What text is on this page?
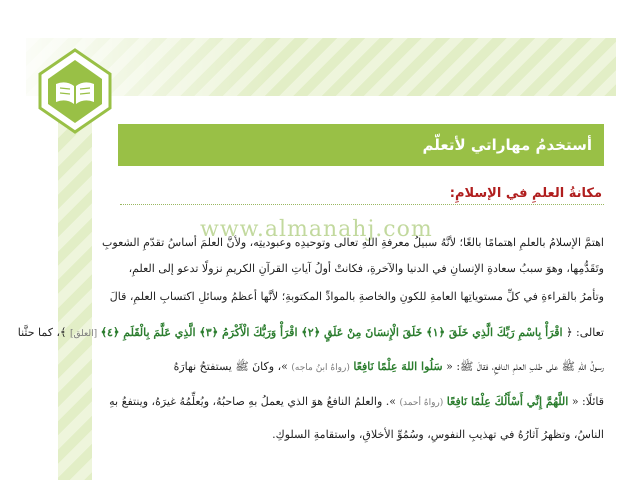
أستخدمُ مهاراتي لأتعلّم
مكانةُ العلمِ في الإسلامِ:
www.almanahj.com
اهتمَّ الإسلامُ بالعلمِ اهتمامًا بالغًا؛ لأنَّهُ سبيلُ معرفةِ اللهِ تعالى وتوحيدِه وعبوديتِه، ولأنَّ العلمَ أساسُ تقدّمِ الشعوبِ
وتَقَدُّمِها، وهوَ سببُ سعادةِ الإنسانِ في الدنيا والآخرةِ، فكانتْ أولُ آياتِ القرآنِ الكريمِ نزولًا تدعو إلى العلمِ،
وتأمرُ بالقراءةِ في كلِّ مستوياتِها العامةِ للكونِ والخاصةِ بالموادِّ المكتوبةِ؛ لأنَّها أعظمُ وسائلِ اكتسابِ العلمِ، قالَ
تعالى: ﴿ اقْرَأْ بِاسْمِ رَبِّكَ الَّذِي خَلَقَ ﴿١﴾ خَلَقَ الْإِنسَانَ مِنْ عَلَقٍ ﴿٢﴾ اقْرَأْ وَرَبُّكَ الْأَكْرَمُ ﴿٣﴾ الَّذِي عَلَّمَ بِالْقَلَمِ ﴿٤﴾ [العلق] ﴾، كما حثَّنا
رسولُ اللهِ ﷺ على طلبِ العلمِ النافعِ، فقالَ ﷺ: « سَلُوا اللهَ عِلْمًا نَافِعًا (رواهُ ابنُ ماجه) »، وكانَ ﷺ يستفتحُ نهارَهُ
قائلًا: « اللَّهُمَّ إِنِّي أَسْأَلُكَ عِلْمًا نَافِعًا (رواهُ أحمد) ». والعلمُ النافعُ هوَ الذي يعملُ بهِ صاحبُهُ، ويُعلِّمُهُ غيرَهُ، وينتفعُ بهِ
الناسُ، وتظهرُ آثارُهُ في تهذيبِ النفوسِ، وسُمُوِّ الأخلاقِ، واستقامةِ السلوكِ.
